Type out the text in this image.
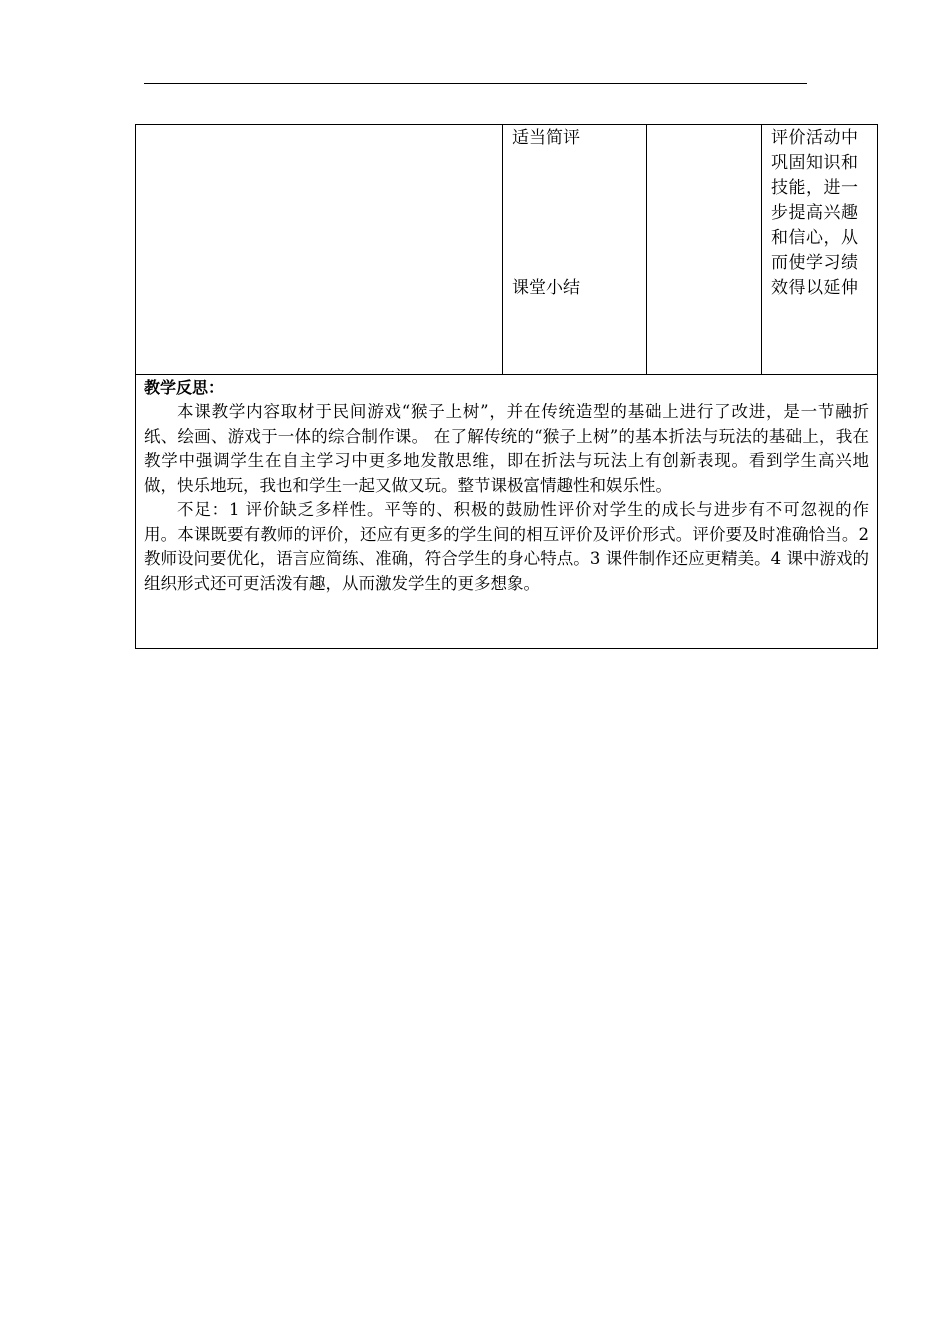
适当简评
课堂小结
评价活动中
巩固知识和
技能，进一
步提高兴趣
和信心，从
而使学习绩
效得以延伸
教学反思：

本课教学内容取材于民间游戏“猴子上树”，并在传统造型的基础上进行了改进，是一节融折纸、绘画、游戏于一体的综合制作课。 在了解传统的“猴子上树”的基本折法与玩法的基础上，我在教学中强调学生在自主学习中更多地发散思维，即在折法与玩法上有创新表现。看到学生高兴地做，快乐地玩，我也和学生一起又做又玩。整节课极富情趣性和娱乐性。

不足：1 评价缺乏多样性。平等的、积极的鼓励性评价对学生的成长与进步有不可忽视的作用。本课既要有教师的评价，还应有更多的学生间的相互评价及评价形式。评价要及时准确恰当。2 教师设问要优化，语言应简练、准确，符合学生的身心特点。3 课件制作还应更精美。4 课中游戏的组织形式还可更活泼有趣，从而激发学生的更多想象。
